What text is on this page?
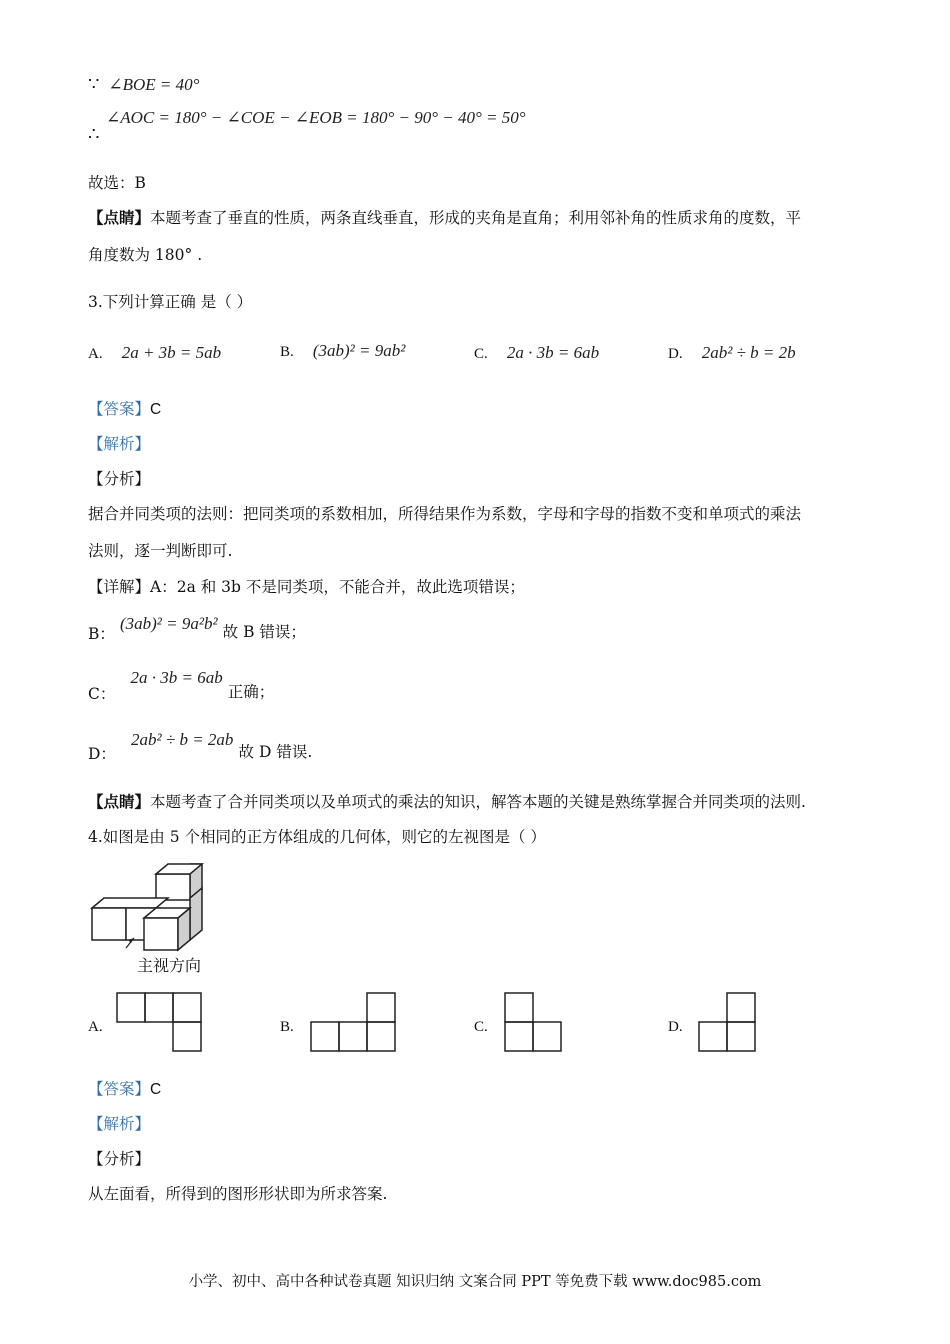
∵ ∠BOE = 40°
∠AOC = 180° − ∠COE − ∠EOB = 180° − 90° − 40° = 50°
∴
故选：B
【点睛】本题考查了垂直的性质，两条直线垂直，形成的夹角是直角；利用邻补角的性质求角的度数，平
角度数为 180° .
3.下列计算正确 是（ ）
A. 2a + 3b = 5ab	B. (3ab)² = 9ab²	C. 2a · 3b = 6ab	D. 2ab² ÷ b = 2b
【答案】C
【解析】
【分析】
据合并同类项的法则：把同类项的系数相加，所得结果作为系数，字母和字母的指数不变和单项式的乘法
法则，逐一判断即可.
【详解】A：2a 和 3b 不是同类项，不能合并，故此选项错误；
B： (3ab)² = 9a²b² 故 B 错误；
C： 2a · 3b = 6ab 正确；
D： 2ab² ÷ b = 2ab 故 D 错误.
【点睛】本题考查了合并同类项以及单项式的乘法的知识，解答本题的关键是熟练掌握合并同类项的法则.
4.如图是由 5 个相同的正方体组成的几何体，则它的左视图是（ ）
主视方向
A.	B.	C.	D.
【答案】C
【解析】
【分析】
从左面看，所得到的图形形状即为所求答案.
小学、初中、高中各种试卷真题 知识归纳 文案合同 PPT 等免费下载 www.doc985.com
